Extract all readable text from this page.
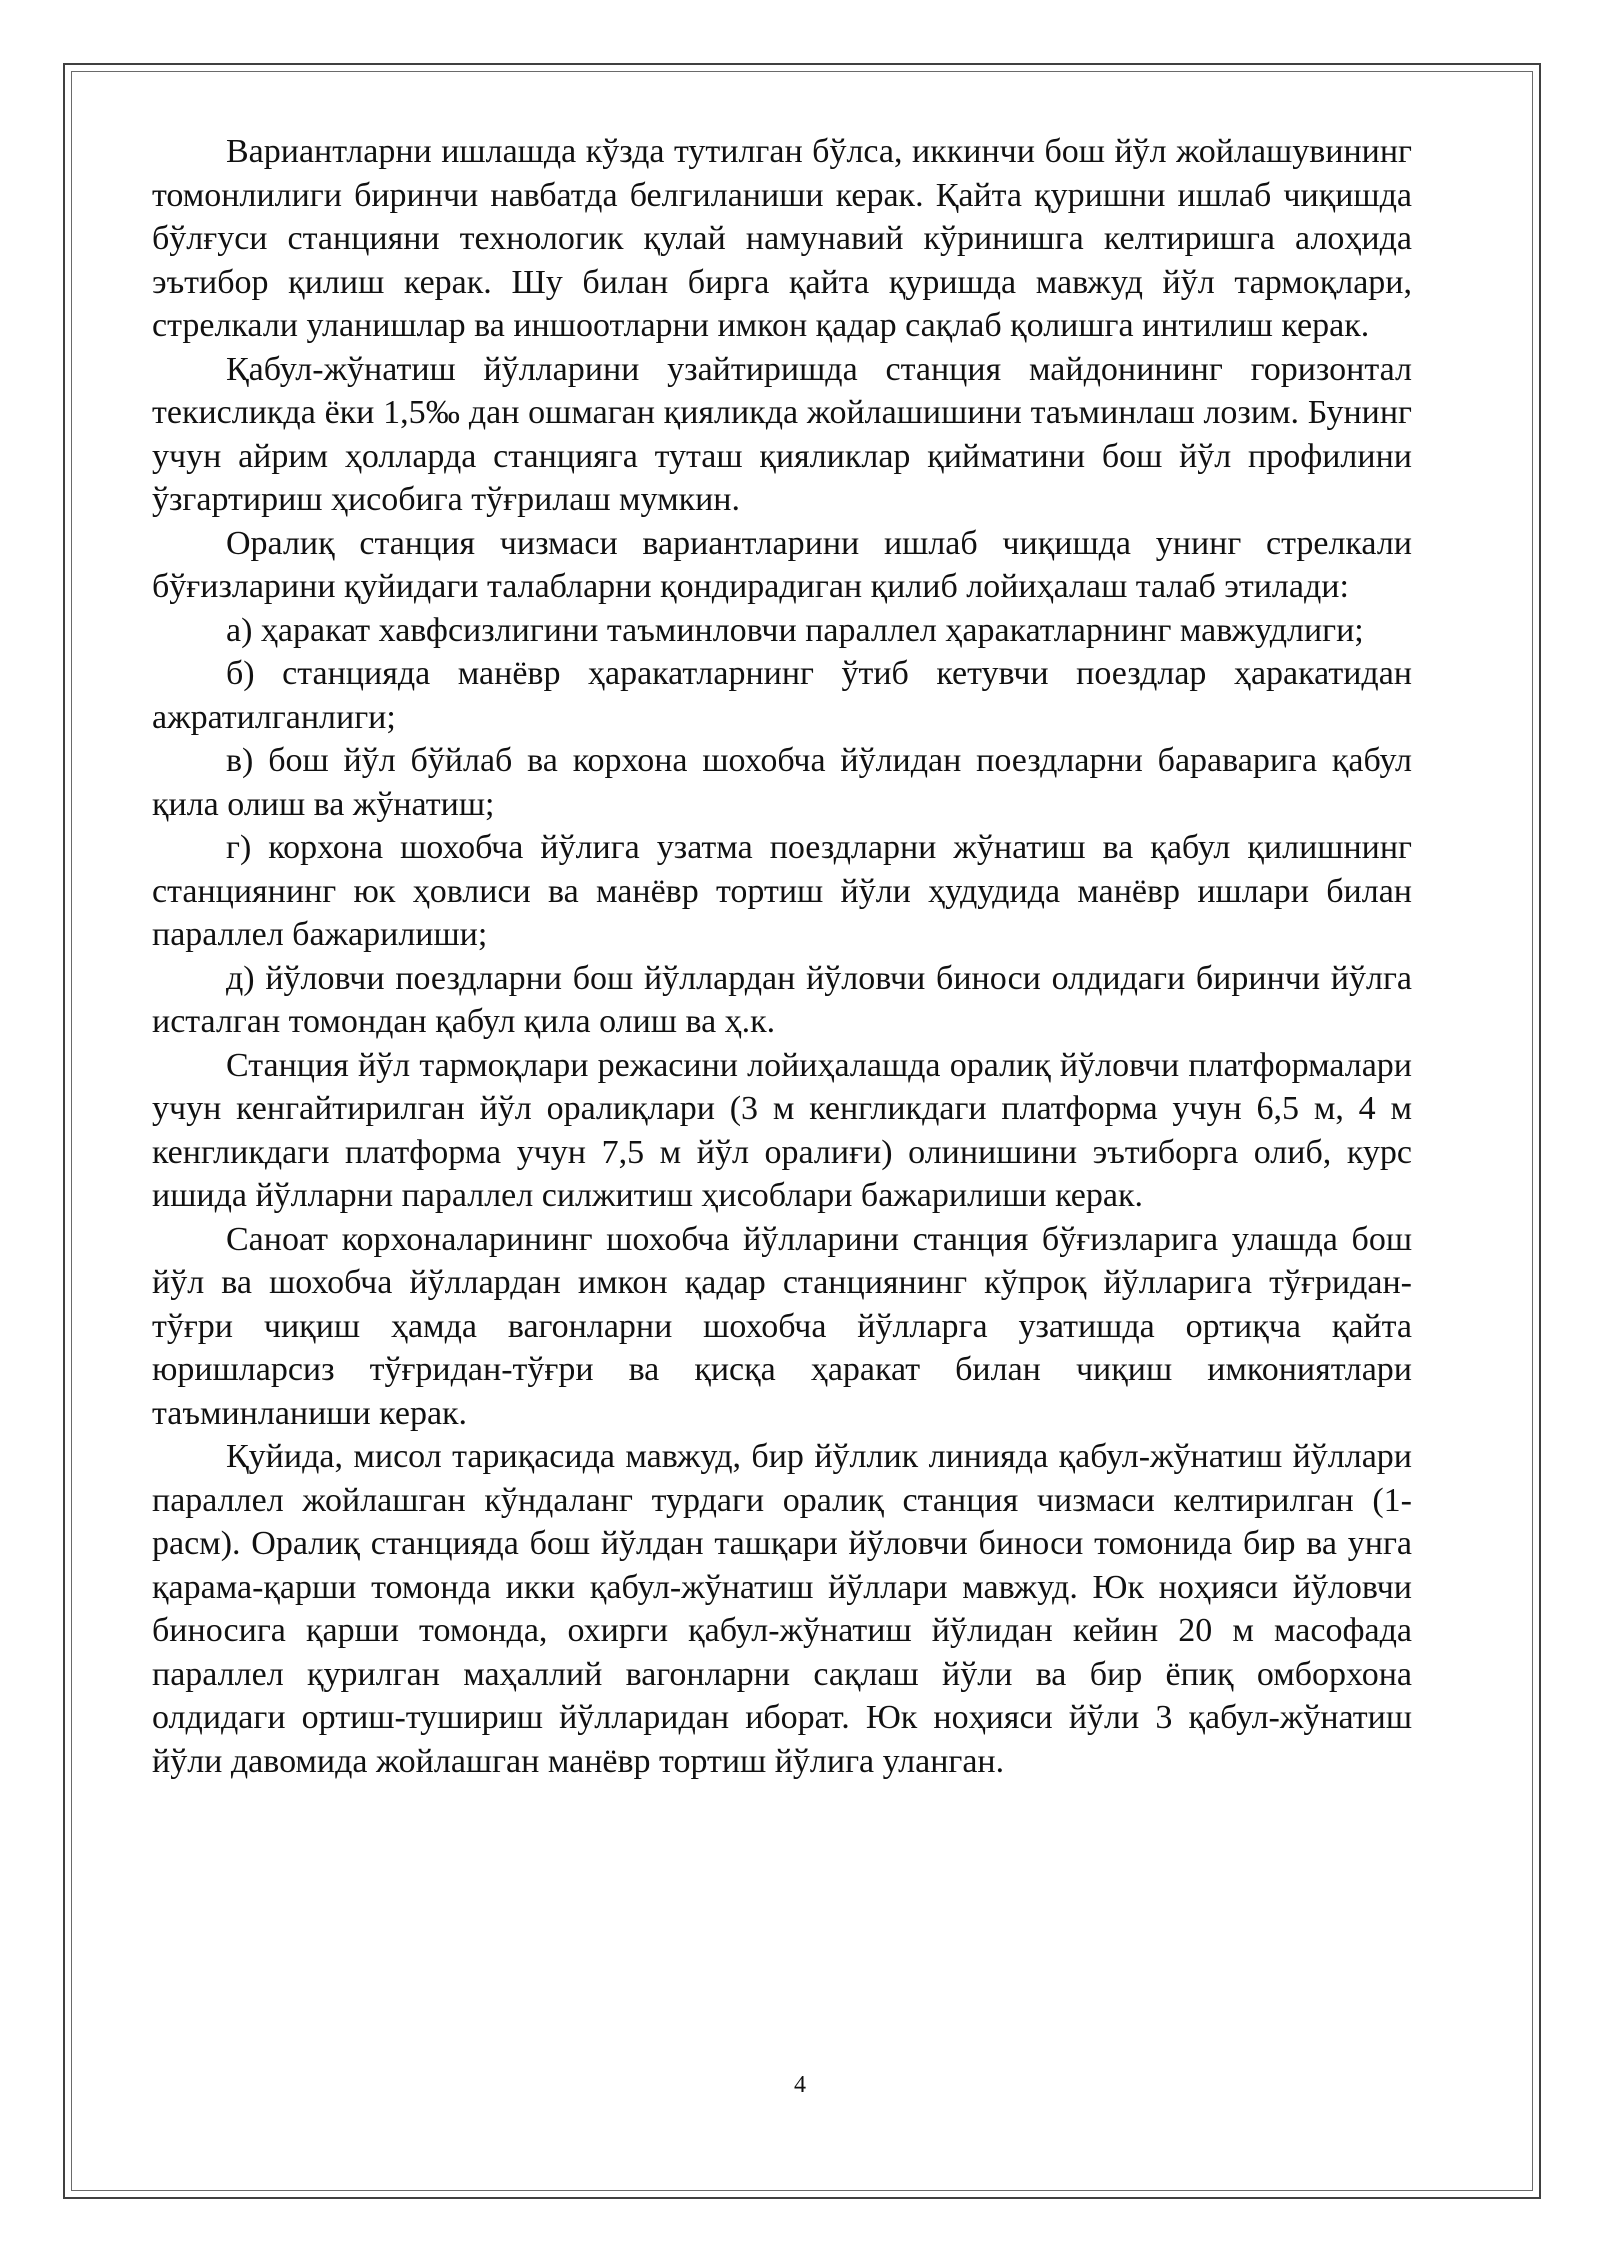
Вариантларни ишлашда кўзда тутилган бўлса, иккинчи бош йўл жойлашувининг томонлилиги биринчи навбатда белгиланиши керак. Қайта қуришни ишлаб чиқишда бўлғуси станцияни технологик қулай намунавий кўринишга келтиришга алоҳида эътибор қилиш керак. Шу билан бирга қайта қуришда мавжуд йўл тармоқлари, стрелкали уланишлар ва иншоотларни имкон қадар сақлаб қолишга интилиш керак.

Қабул-жўнатиш йўлларини узайтиришда станция майдонининг горизонтал текисликда ёки 1,5‰ дан ошмаган қияликда жойлашишини таъминлаш лозим. Бунинг учун айрим ҳолларда станцияга туташ қияликлар қийматини бош йўл профилини ўзгартириш ҳисобига тўғрилаш мумкин.

Оралиқ станция чизмаси вариантларини ишлаб чиқишда унинг стрелкали бўғизларини қуйидаги талабларни қондирадиган қилиб лойиҳалаш талаб этилади:

а) ҳаракат хавфсизлигини таъминловчи параллел ҳаракатларнинг мавжудлиги;

б) станцияда манёвр ҳаракатларнинг ўтиб кетувчи поездлар ҳаракатидан ажратилганлиги;

в) бош йўл бўйлаб ва корхона шохобча йўлидан поездларни бараварига қабул қила олиш ва жўнатиш;

г) корхона шохобча йўлига узатма поездларни жўнатиш ва қабул қилишнинг станциянинг юк ҳовлиси ва манёвр тортиш йўли ҳудудида манёвр ишлари билан параллел бажарилиши;

д) йўловчи поездларни бош йўллардан йўловчи биноси олдидаги биринчи йўлга исталган томондан қабул қила олиш ва ҳ.к.

Станция йўл тармоқлари режасини лойиҳалашда оралиқ йўловчи платформалари учун кенгайтирилган йўл оралиқлари (3 м кенгликдаги платформа учун 6,5 м, 4 м кенгликдаги платформа учун 7,5 м йўл оралиғи) олинишини эътиборга олиб, курс ишида йўлларни параллел силжитиш ҳисоблари бажарилиши керак.

Саноат корхоналарининг шохобча йўлларини станция бўғизларига улашда бош йўл ва шохобча йўллардан имкон қадар станциянинг кўпроқ йўлларига тўғридан-тўғри чиқиш ҳамда вагонларни шохобча йўлларга узатишда ортиқча қайта юришларсиз тўғридан-тўғри ва қисқа ҳаракат билан чиқиш имкониятлари таъминланиши керак.

Қуйида, мисол тариқасида мавжуд, бир йўллик линияда қабул-жўнатиш йўллари параллел жойлашган кўндаланг турдаги оралиқ станция чизмаси келтирилган (1-расм). Оралиқ станцияда бош йўлдан ташқари йўловчи биноси томонида бир ва унга қарама-қарши томонда икки қабул-жўнатиш йўллари мавжуд. Юк ноҳияси йўловчи биносига қарши томонда, охирги қабул-жўнатиш йўлидан кейин 20 м масофада параллел қурилган маҳаллий вагонларни сақлаш йўли ва бир ёпиқ омборхона олдидаги ортиш-тушириш йўлларидан иборат. Юк ноҳияси йўли 3 қабул-жўнатиш йўли давомида жойлашган манёвр тортиш йўлига уланган.

4
